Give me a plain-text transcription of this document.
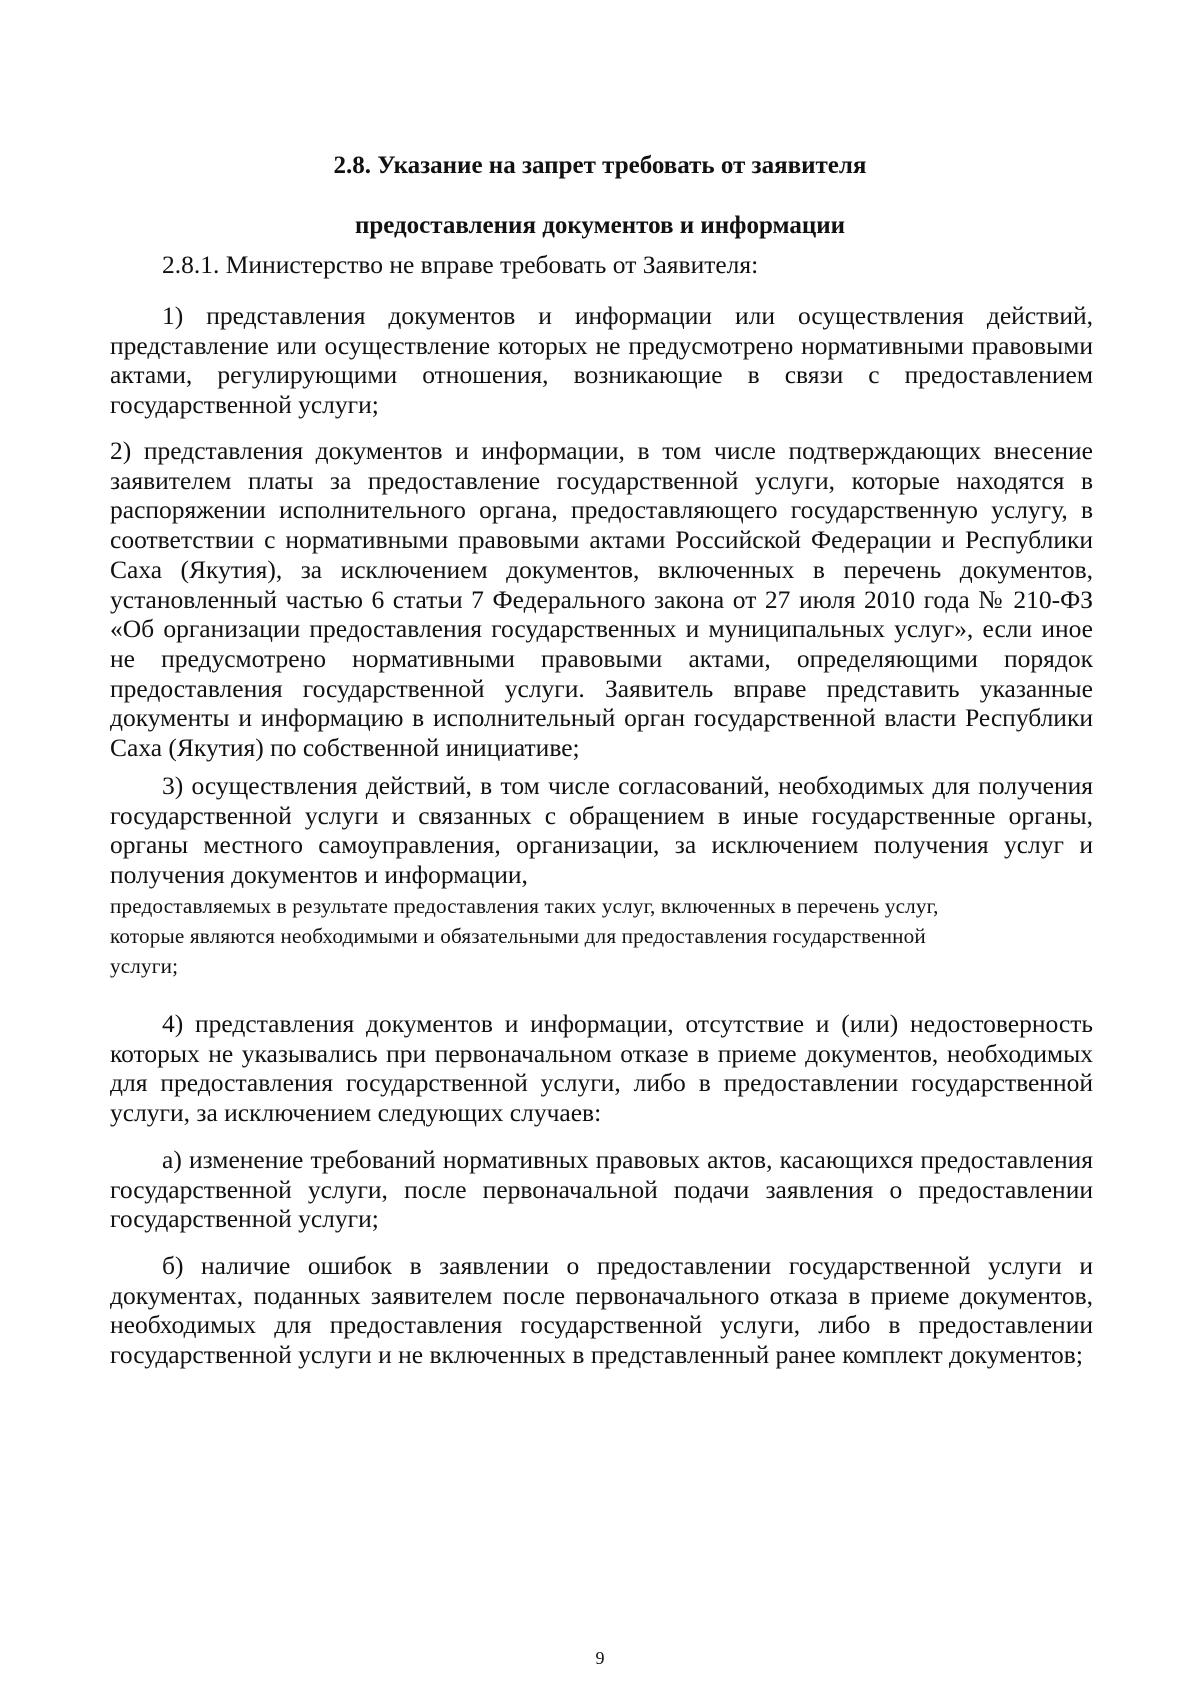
2.8. Указание на запрет требовать от заявителя

предоставления документов и информации

2.8.1. Министерство не вправе требовать от Заявителя:

1) представления документов и информации или осуществления действий, представление или осуществление которых не предусмотрено нормативными правовыми актами, регулирующими отношения, возникающие в связи с предоставлением государственной услуги;

2) представления документов и информации, в том числе подтверждающих внесение заявителем платы за предоставление государственной услуги, которые находятся в распоряжении исполнительного органа, предоставляющего государственную услугу, в соответствии с нормативными правовыми актами Российской Федерации и Республики Саха (Якутия), за исключением документов, включенных в перечень документов, установленный частью 6 статьи 7 Федерального закона от 27 июля 2010 года № 210-ФЗ «Об организации предоставления государственных и муниципальных услуг», если иное не предусмотрено нормативными правовыми актами, определяющими порядок предоставления государственной услуги. Заявитель вправе представить указанные документы и информацию в исполнительный орган государственной власти Республики Саха (Якутия) по собственной инициативе;

3) осуществления действий, в том числе согласований, необходимых для получения государственной услуги и связанных с обращением в иные государственные органы, органы местного самоуправления, организации, за исключением получения услуг и получения документов и информации,

предоставляемых в результате предоставления таких услуг, включенных в перечень услуг,
которые являются необходимыми и обязательными для предоставления государственной
услуги;

4) представления документов и информации, отсутствие и (или) недостоверность которых не указывались при первоначальном отказе в приеме документов, необходимых для предоставления государственной услуги, либо в предоставлении государственной услуги, за исключением следующих случаев:

а) изменение требований нормативных правовых актов, касающихся предоставления государственной услуги, после первоначальной подачи заявления о предоставлении государственной услуги;

б) наличие ошибок в заявлении о предоставлении государственной услуги и документах, поданных заявителем после первоначального отказа в приеме документов, необходимых для предоставления государственной услуги, либо в предоставлении государственной услуги и не включенных в представленный ранее комплект документов;

9
